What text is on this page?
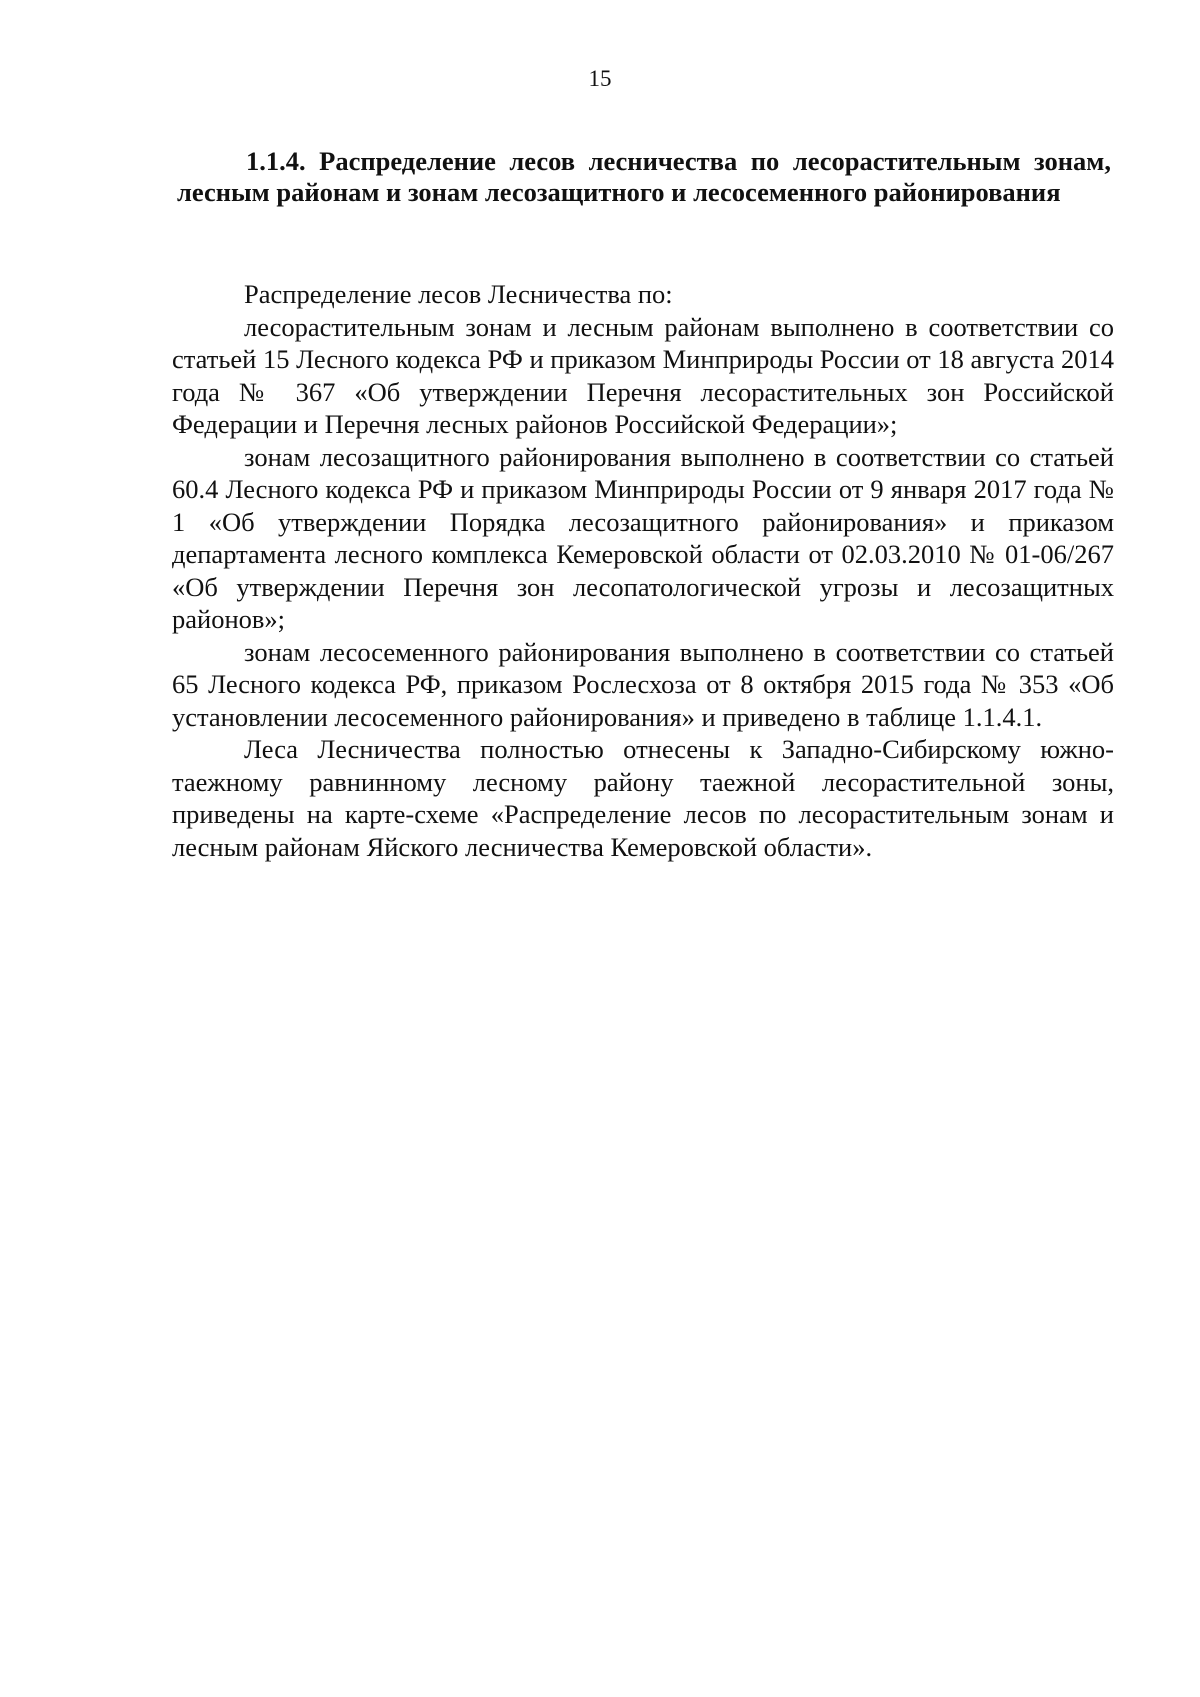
15
1.1.4. Распределение лесов лесничества по лесорастительным зонам, лесным районам и зонам лесозащитного и лесосеменного районирования

Распределение лесов Лесничества по:

лесорастительным зонам и лесным районам выполнено в соответствии со статьей 15 Лесного кодекса РФ и приказом Минприроды России от 18 августа 2014 года № 367 «Об утверждении Перечня лесорастительных зон Российской Федерации и Перечня лесных районов Российской Федерации»;

зонам лесозащитного районирования выполнено в соответствии со статьей 60.4 Лесного кодекса РФ и приказом Минприроды России от 9 января 2017 года № 1 «Об утверждении Порядка лесозащитного районирования» и приказом департамента лесного комплекса Кемеровской области от 02.03.2010 № 01-06/267 «Об утверждении Перечня зон лесопатологической угрозы и лесозащитных районов»;

зонам лесосеменного районирования выполнено в соответствии со статьей 65 Лесного кодекса РФ, приказом Рослесхоза от 8 октября 2015 года № 353 «Об установлении лесосеменного районирования» и приведено в таблице 1.1.4.1.

Леса Лесничества полностью отнесены к Западно-Сибирскому южно-таежному равнинному лесному району таежной лесорастительной зоны, приведены на карте-схеме «Распределение лесов по лесорастительным зонам и лесным районам Яйского лесничества Кемеровской области».
